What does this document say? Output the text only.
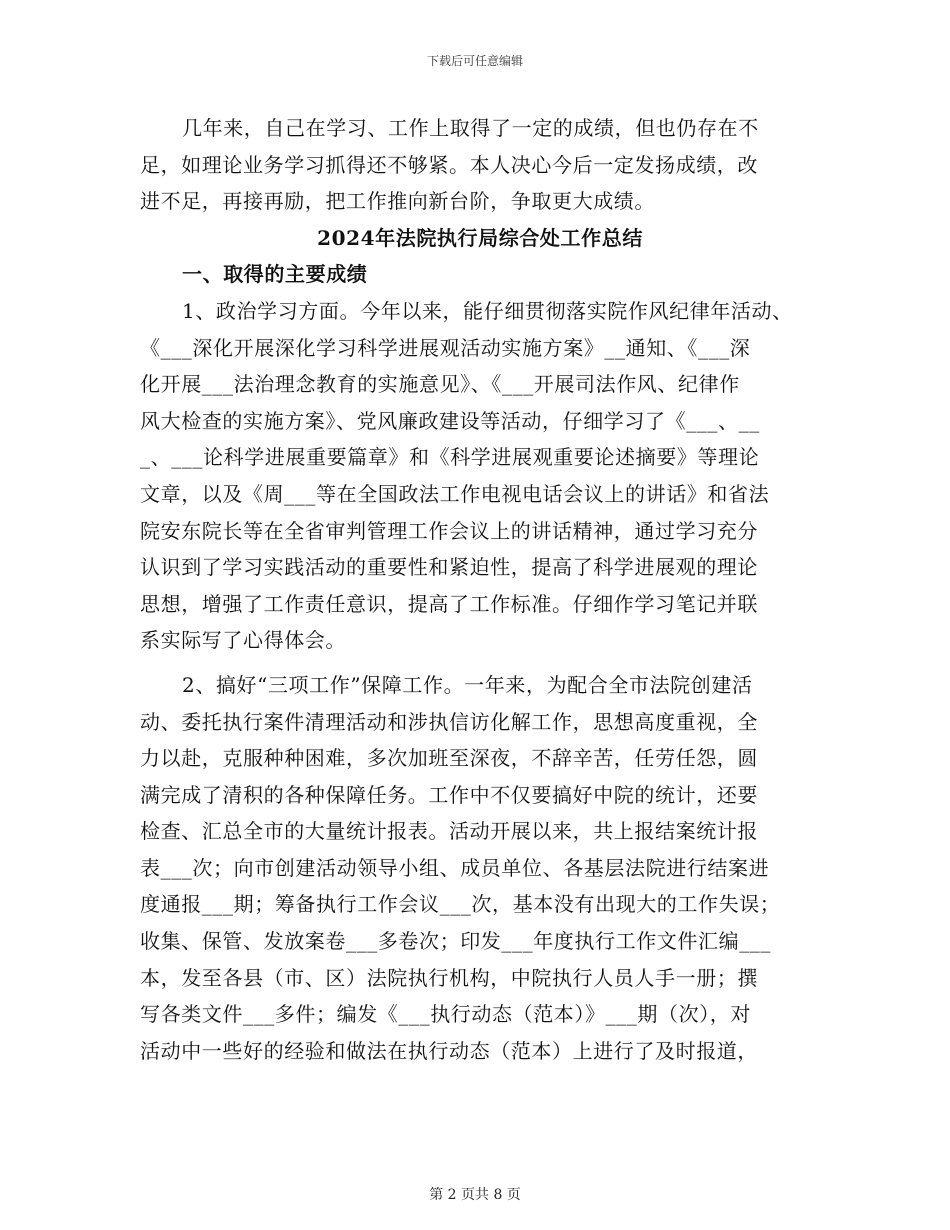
下载后可任意编辑
几年来，自己在学习、工作上取得了一定的成绩，但也仍存在不
足，如理论业务学习抓得还不够紧。本人决心今后一定发扬成绩，改
进不足，再接再励，把工作推向新台阶，争取更大成绩。
2024年法院执行局综合处工作总结
一、取得的主要成绩
1、政治学习方面。今年以来，能仔细贯彻落实院作风纪律年活动、
《___深化开展深化学习科学进展观活动实施方案》__通知、《___深
化开展___法治理念教育的实施意见》、《___开展司法作风、纪律作
风大检查的实施方案》、党风廉政建设等活动，仔细学习了《___、__
_、___论科学进展重要篇章》和《科学进展观重要论述摘要》等理论
文章，以及《周___等在全国政法工作电视电话会议上的讲话》和省法
院安东院长等在全省审判管理工作会议上的讲话精神，通过学习充分
认识到了学习实践活动的重要性和紧迫性，提高了科学进展观的理论
思想，增强了工作责任意识，提高了工作标准。仔细作学习笔记并联
系实际写了心得体会。
2、搞好“三项工作”保障工作。一年来，为配合全市法院创建活
动、委托执行案件清理活动和涉执信访化解工作，思想高度重视，全
力以赴，克服种种困难，多次加班至深夜，不辞辛苦，任劳任怨，圆
满完成了清积的各种保障任务。工作中不仅要搞好中院的统计，还要
检查、汇总全市的大量统计报表。活动开展以来，共上报结案统计报
表___次；向市创建活动领导小组、成员单位、各基层法院进行结案进
度通报___期；筹备执行工作会议___次，基本没有出现大的工作失误；
收集、保管、发放案卷___多卷次；印发___年度执行工作文件汇编___
本，发至各县（市、区）法院执行机构，中院执行人员人手一册；撰
写各类文件___多件；编发《___执行动态（范本）》___期（次），对
活动中一些好的经验和做法在执行动态（范本）上进行了及时报道，
第 2 页共 8 页
